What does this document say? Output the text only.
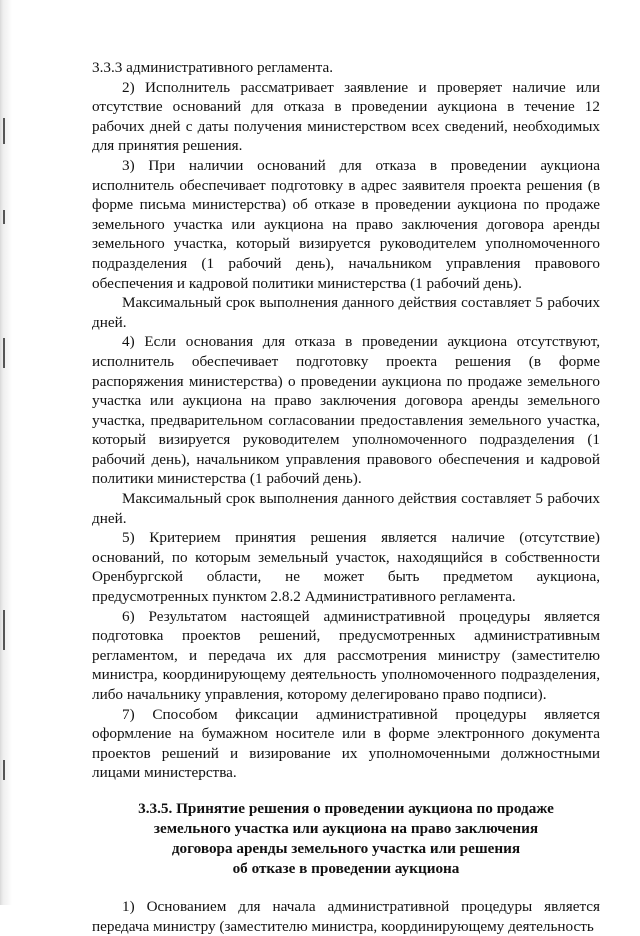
3.3.3 административного регламента.

2) Исполнитель рассматривает заявление и проверяет наличие или отсутствие оснований для отказа в проведении аукциона в течение 12 рабочих дней с даты получения министерством всех сведений, необходимых для принятия решения.

3) При наличии оснований для отказа в проведении аукциона исполнитель обеспечивает подготовку в адрес заявителя проекта решения (в форме письма министерства) об отказе в проведении аукциона по продаже земельного участка или аукциона на право заключения договора аренды земельного участка, который визируется руководителем уполномоченного подразделения (1 рабочий день), начальником управления правового обеспечения и кадровой политики министерства (1 рабочий день).

Максимальный срок выполнения данного действия составляет 5 рабочих дней.

4) Если основания для отказа в проведении аукциона отсутствуют, исполнитель обеспечивает подготовку проекта решения (в форме распоряжения министерства) о проведении аукциона по продаже земельного участка или аукциона на право заключения договора аренды земельного участка, предварительном согласовании предоставления земельного участка, который визируется руководителем уполномоченного подразделения (1 рабочий день), начальником управления правового обеспечения и кадровой политики министерства (1 рабочий день).

Максимальный срок выполнения данного действия составляет 5 рабочих дней.

5) Критерием принятия решения является наличие (отсутствие) оснований, по которым земельный участок, находящийся в собственности Оренбургской области, не может быть предметом аукциона, предусмотренных пунктом 2.8.2 Административного регламента.

6) Результатом настоящей административной процедуры является подготовка проектов решений, предусмотренных административным регламентом, и передача их для рассмотрения министру (заместителю министра, координирующему деятельность уполномоченного подразделения, либо начальнику управления, которому делегировано право подписи).

7) Способом фиксации административной процедуры является оформление на бумажном носителе или в форме электронного документа проектов решений и визирование их уполномоченными должностными лицами министерства.

3.3.5. Принятие решения о проведении аукциона по продаже
земельного участка или аукциона на право заключения
договора аренды земельного участка или решения
об отказе в проведении аукциона

1) Основанием для начала административной процедуры является передача министру (заместителю министра, координирующему деятельность
